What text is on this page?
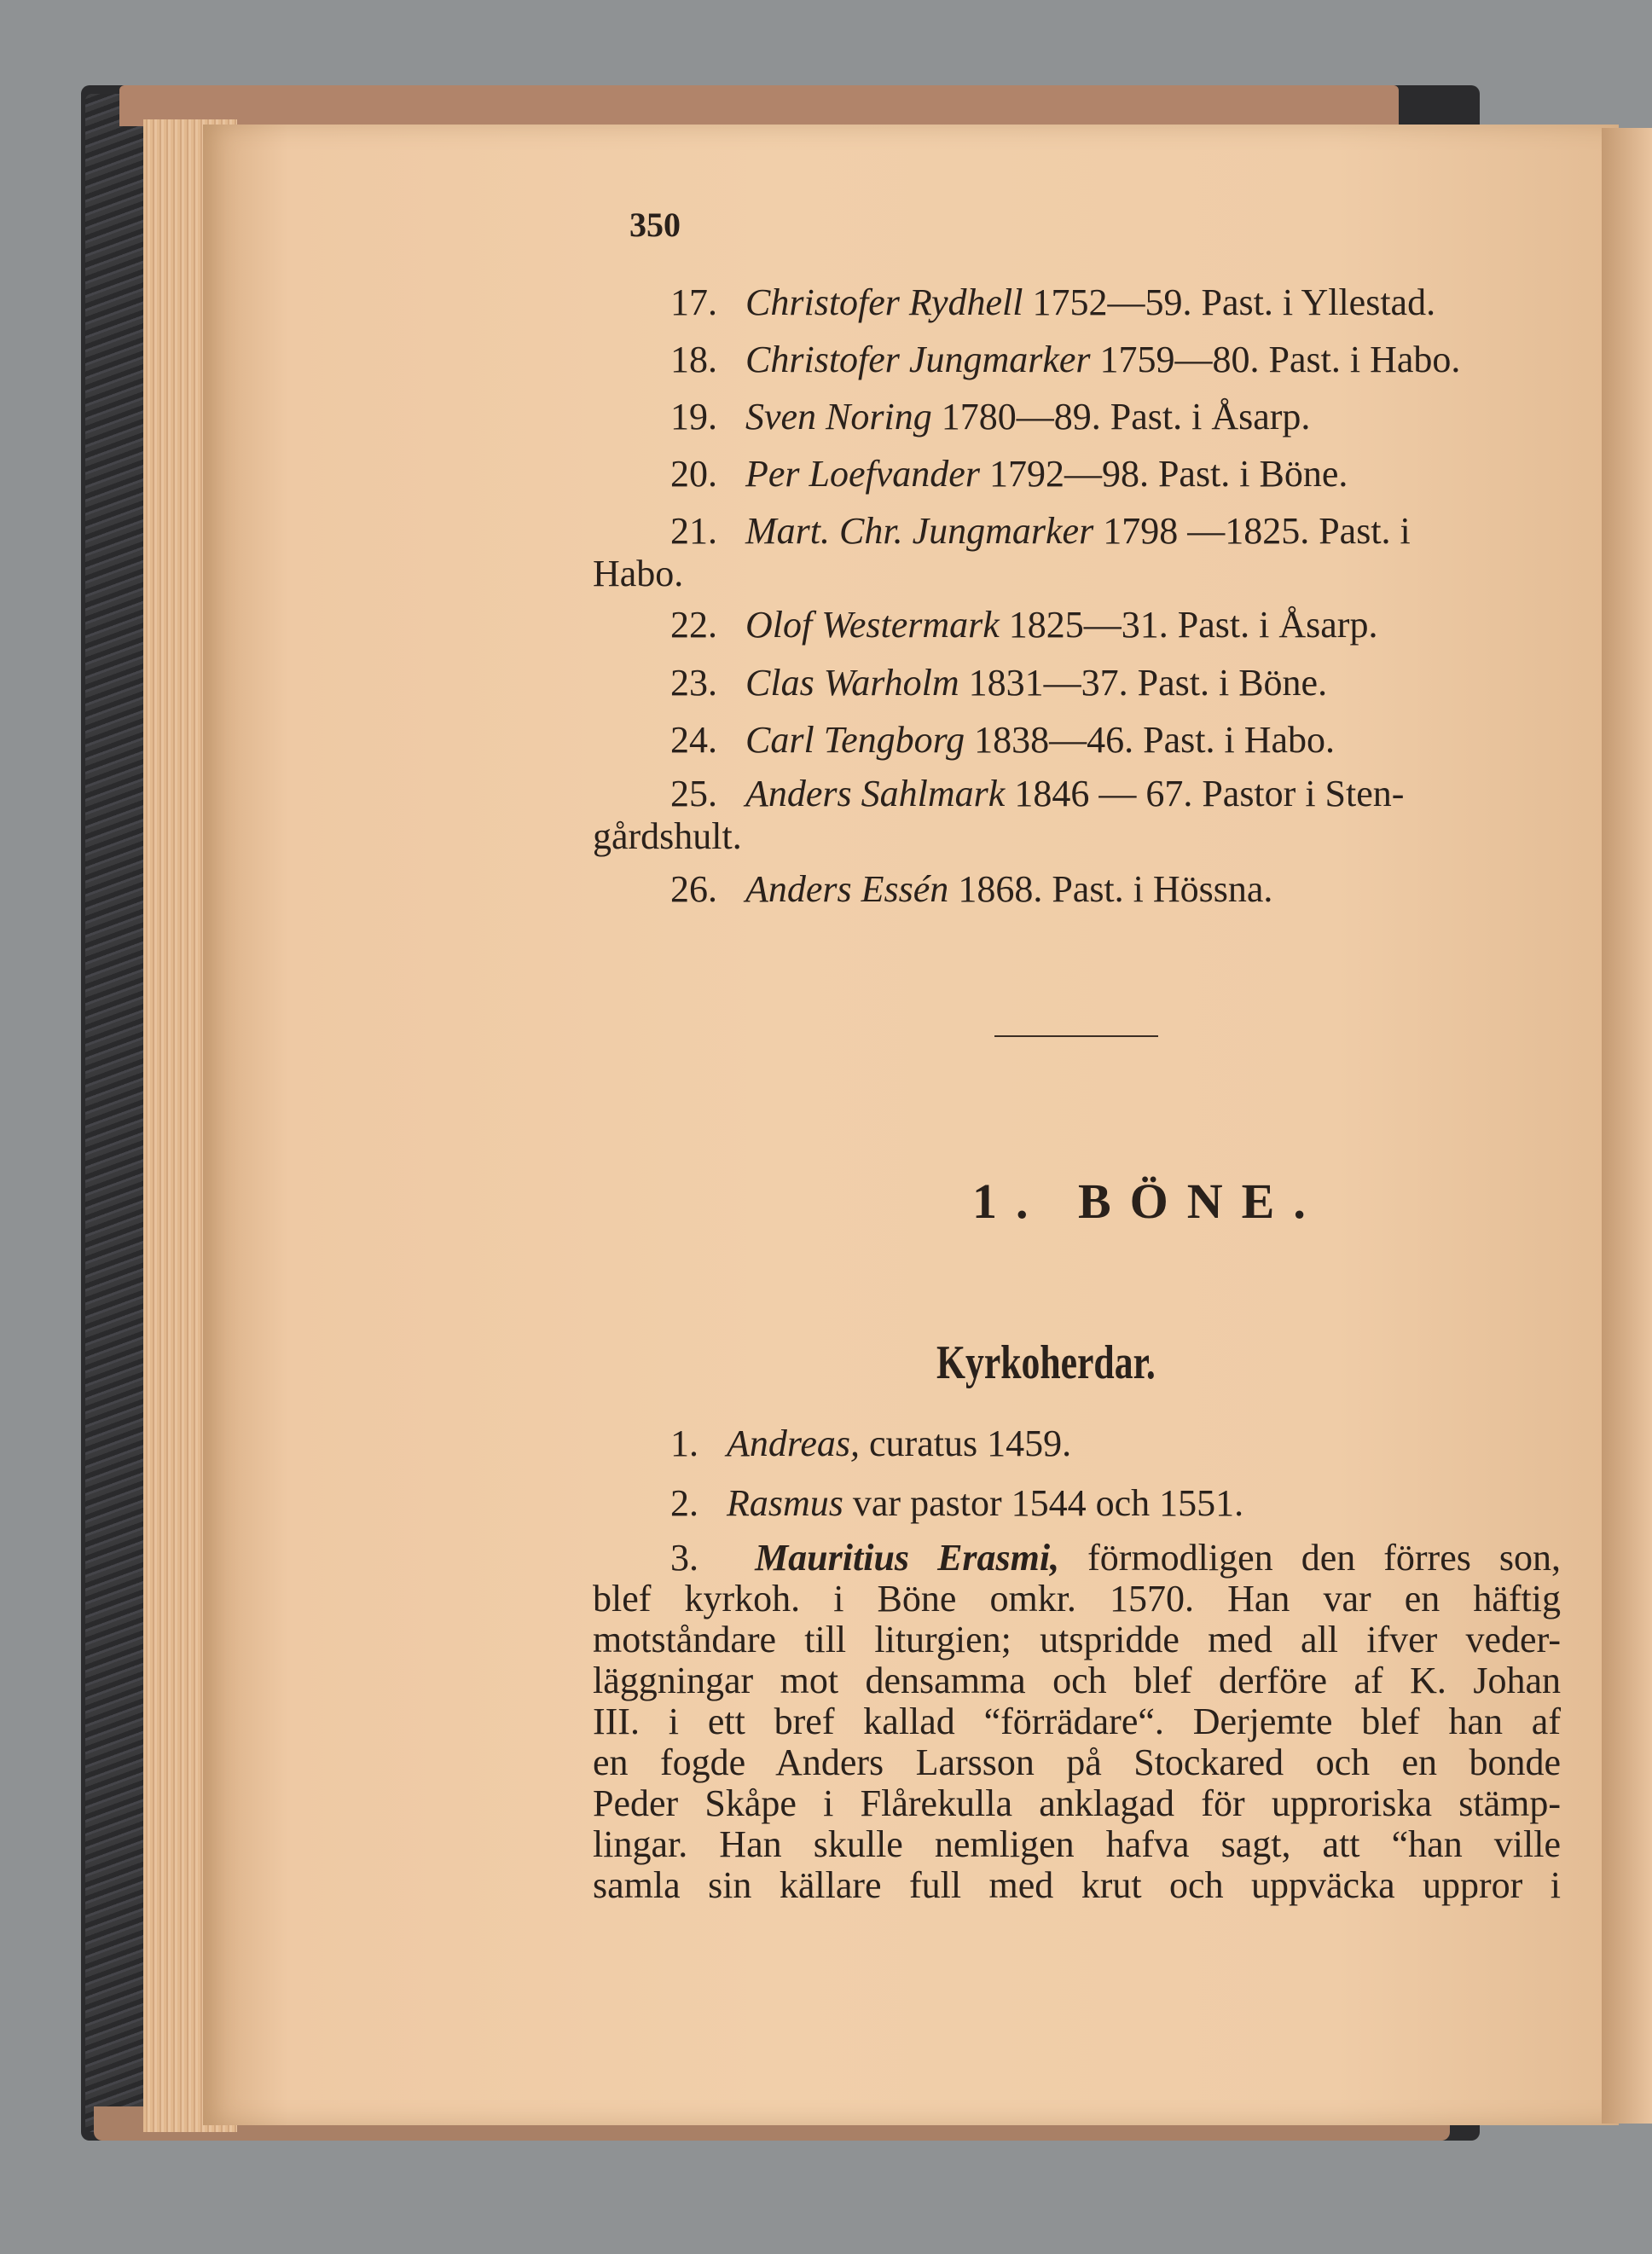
350
17. Christofer Rydhell 1752—59. Past. i Yllestad.
18. Christofer Jungmarker 1759—80. Past. i Habo.
19. Sven Noring 1780—89. Past. i Åsarp.
20. Per Loefvander 1792—98. Past. i Böne.
21. Mart. Chr. Jungmarker 1798 —1825. Past. i
Habo.
22. Olof Westermark 1825—31. Past. i Åsarp.
23. Clas Warholm 1831—37. Past. i Böne.
24. Carl Tengborg 1838—46. Past. i Habo.
25. Anders Sahlmark 1846 — 67. Pastor i Sten-
gårdshult.
26. Anders Essén 1868. Past. i Hössna.
1. BÖNE.
Kyrkoherdar.
1. Andreas, curatus 1459.
2. Rasmus var pastor 1544 och 1551.
3. Mauritius Erasmi, förmodligen den förres son,
blef kyrkoh. i Böne omkr. 1570. Han var en häftig
motståndare till liturgien; utspridde med all ifver veder-
läggningar mot densamma och blef derföre af K. Johan
III. i ett bref kallad “förrädare“. Derjemte blef han af
en fogde Anders Larsson på Stockared och en bonde
Peder Skåpe i Flårekulla anklagad för upproriska stämp-
lingar. Han skulle nemligen hafva sagt, att “han ville
samla sin källare full med krut och uppväcka uppror i
